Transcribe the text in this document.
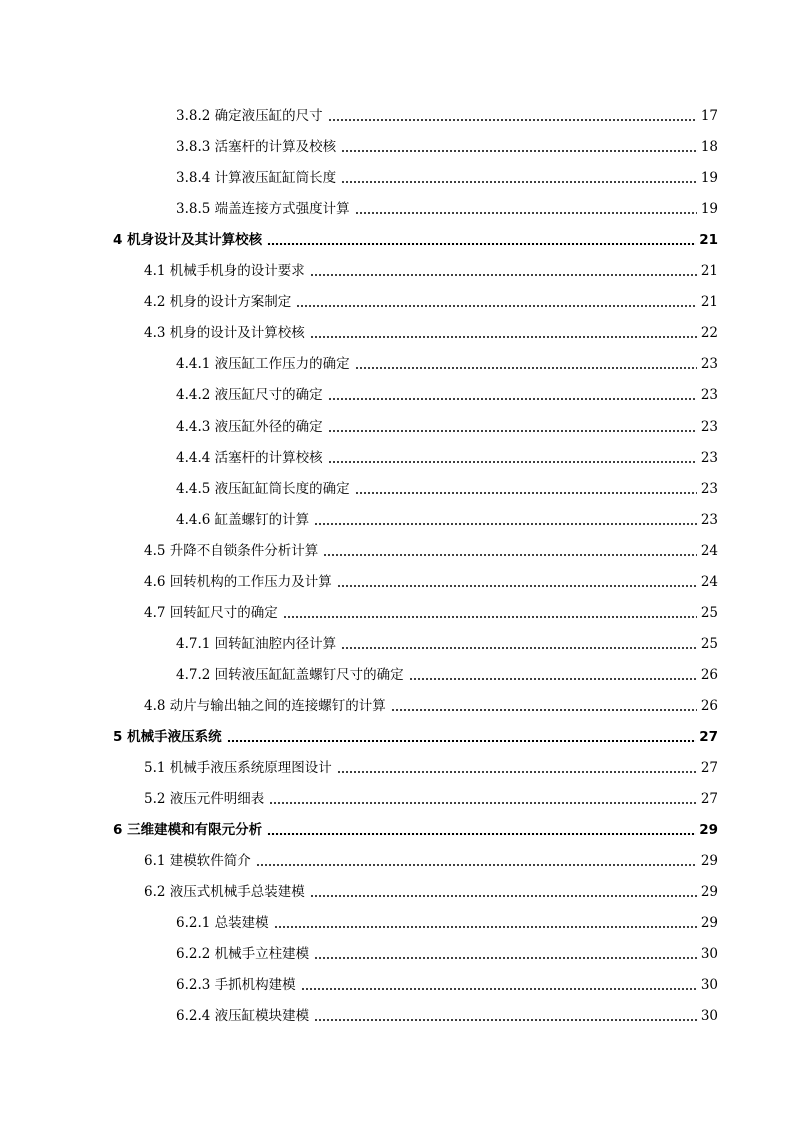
3.8.2 确定液压缸的尺寸	17
3.8.3 活塞杆的计算及校核	18
3.8.4 计算液压缸缸筒长度	19
3.8.5 端盖连接方式强度计算	19
4 机身设计及其计算校核	21
4.1 机械手机身的设计要求	21
4.2 机身的设计方案制定	21
4.3 机身的设计及计算校核	22
4.4.1 液压缸工作压力的确定	23
4.4.2 液压缸尺寸的确定	23
4.4.3 液压缸外径的确定	23
4.4.4 活塞杆的计算校核	23
4.4.5 液压缸缸筒长度的确定	23
4.4.6 缸盖螺钉的计算	23
4.5 升降不自锁条件分析计算	24
4.6 回转机构的工作压力及计算	24
4.7 回转缸尺寸的确定	25
4.7.1 回转缸油腔内径计算	25
4.7.2 回转液压缸缸盖螺钉尺寸的确定	26
4.8 动片与输出轴之间的连接螺钉的计算	26
5 机械手液压系统	27
5.1 机械手液压系统原理图设计	27
5.2 液压元件明细表	27
6 三维建模和有限元分析	29
6.1 建模软件简介	29
6.2 液压式机械手总装建模	29
6.2.1 总装建模	29
6.2.2 机械手立柱建模	30
6.2.3 手抓机构建模	30
6.2.4 液压缸模块建模	30
